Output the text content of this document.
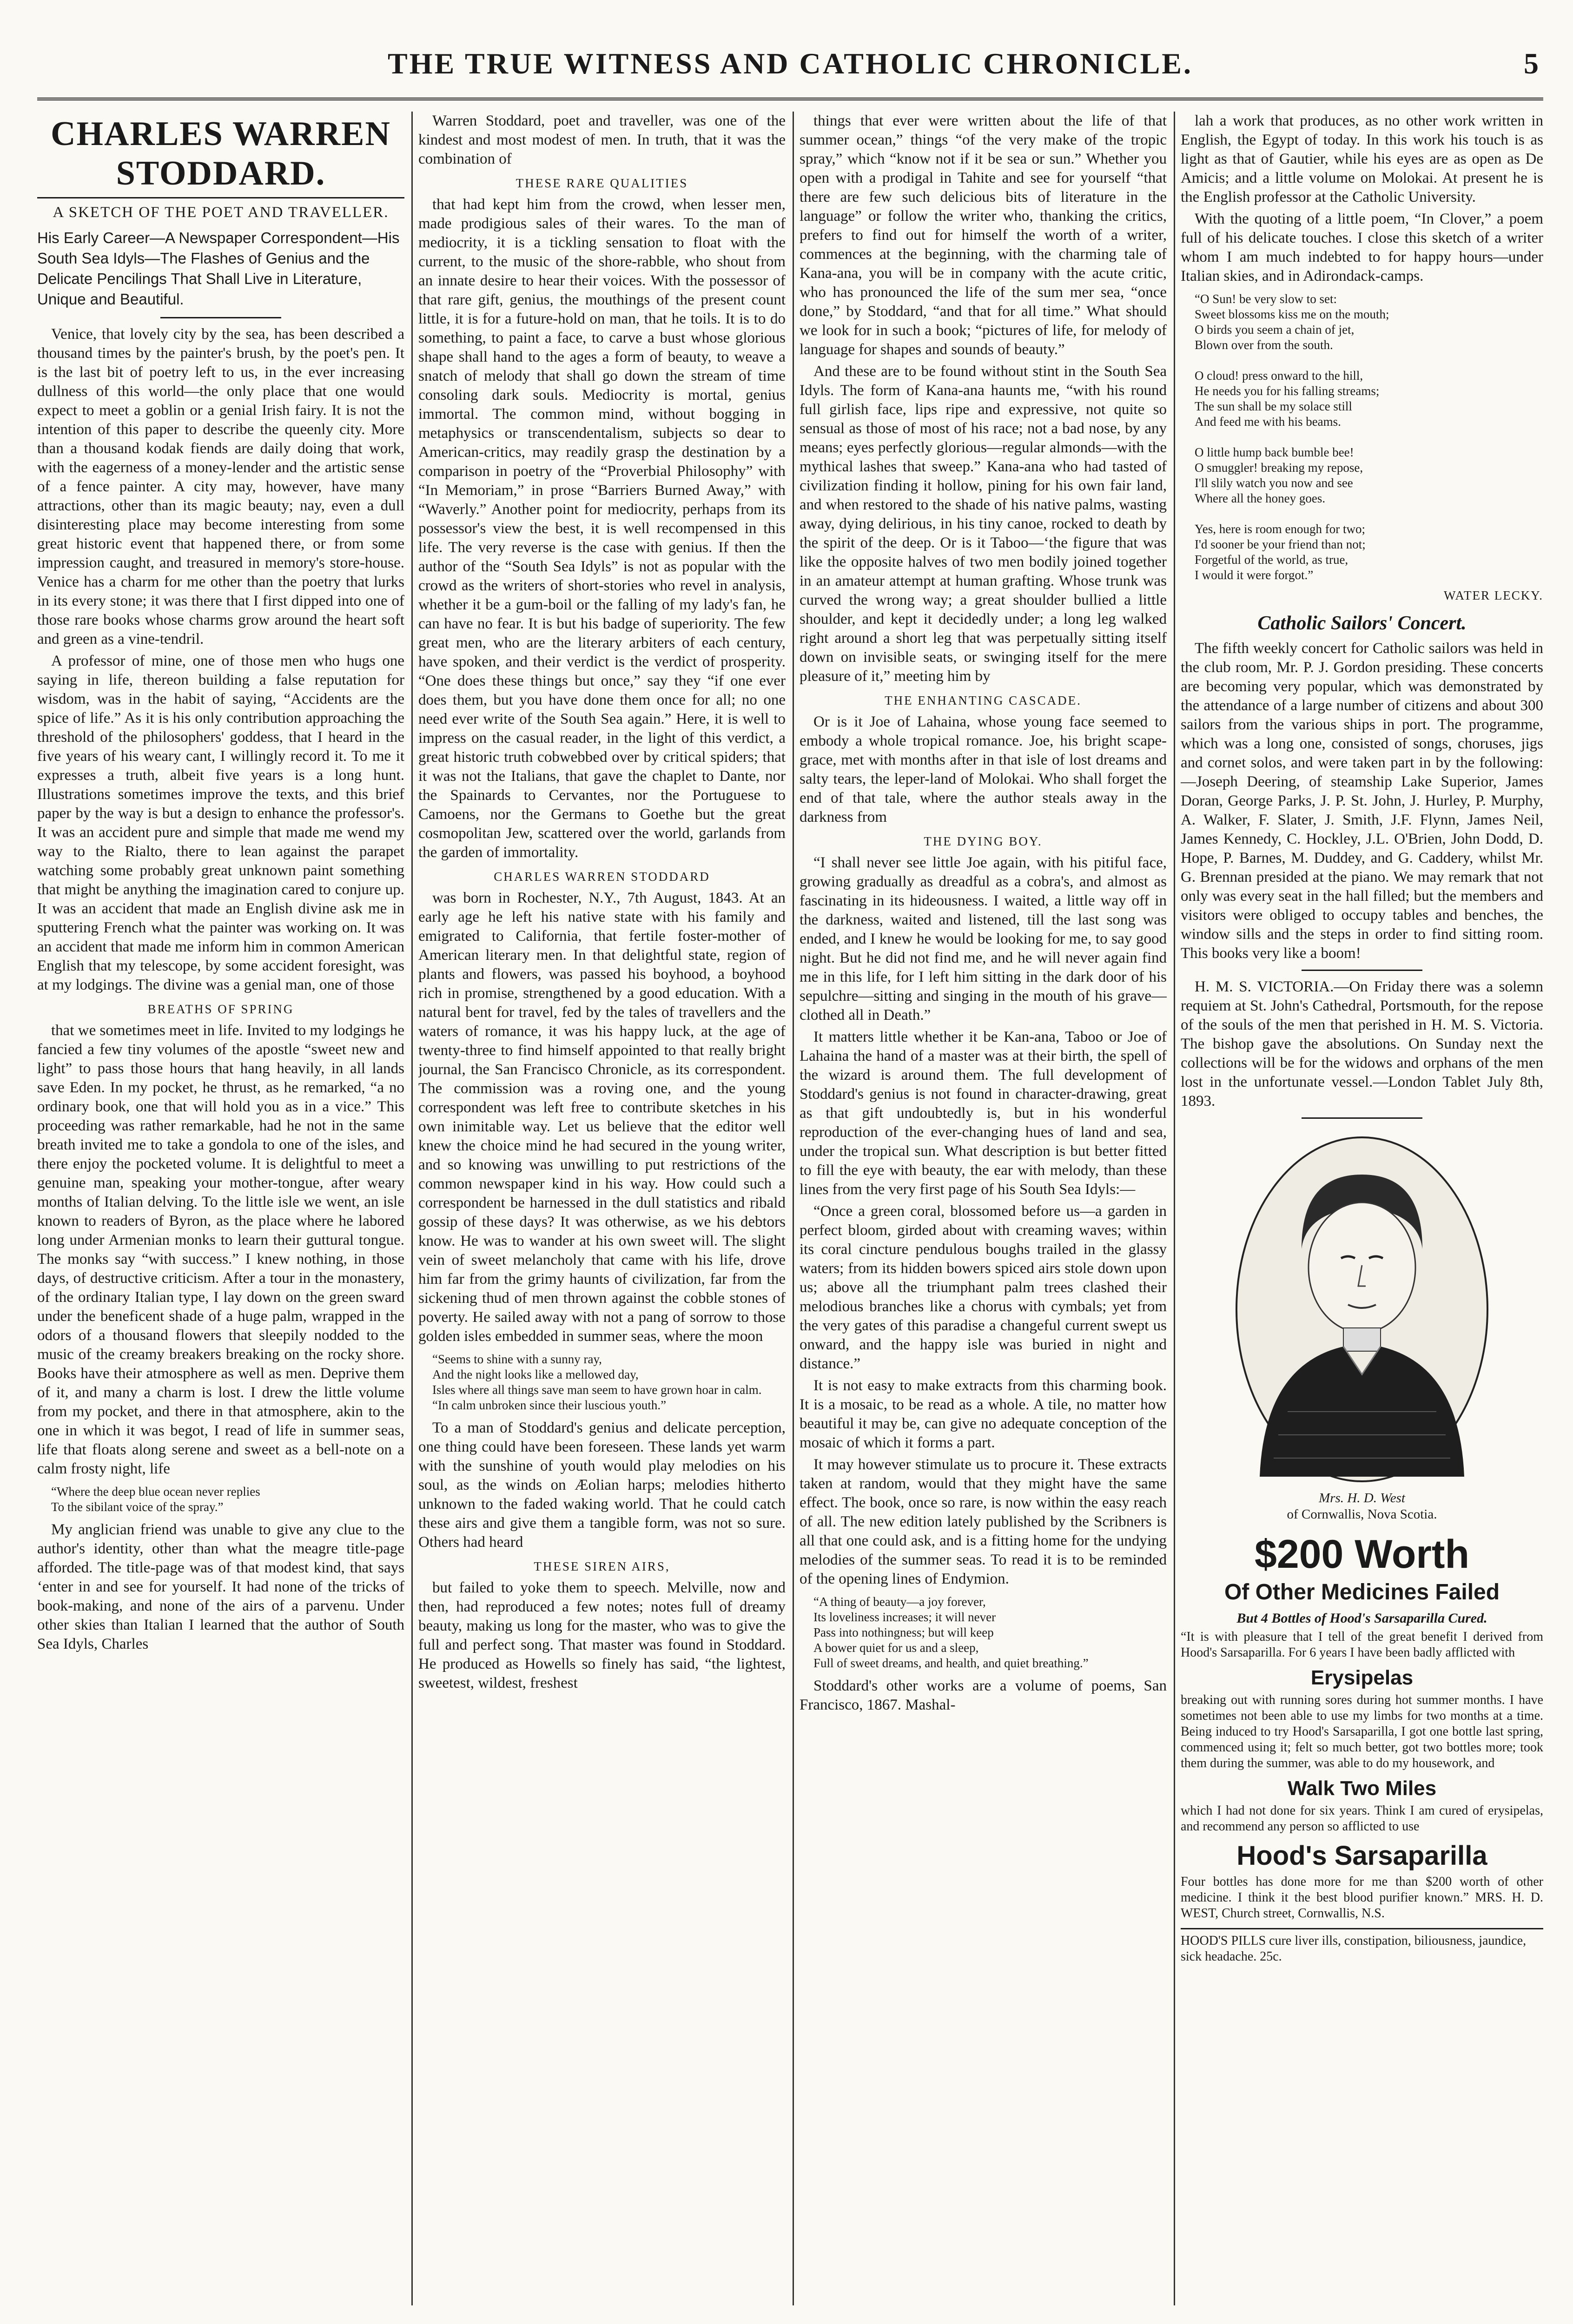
THE TRUE WITNESS AND CATHOLIC CHRONICLE.	5
CHARLES WARREN STODDARD.
A SKETCH OF THE POET AND TRAVELLER.
His Early Career—A Newspaper Correspondent—His South Sea Idyls—The Flashes of Genius and the Delicate Pencilings That Shall Live in Literature, Unique and Beautiful.

Venice, that lovely city by the sea, has been described a thousand times by the painter's brush, by the poet's pen. It is the last bit of poetry left to us, in the ever increasing dullness of this world—the only place that one would expect to meet a goblin or a genial Irish fairy. It is not the intention of this paper to describe the queenly city. More than a thousand kodak fiends are daily doing that work, with the eagerness of a money-lender and the artistic sense of a fence painter. A city may, however, have many attractions, other than its magic beauty; nay, even a dull disinteresting place may become interesting from some great historic event that happened there, or from some impression caught, and treasured in memory's store-house. Venice has a charm for me other than the poetry that lurks in its every stone; it was there that I first dipped into one of those rare books whose charms grow around the heart soft and green as a vine-tendril.

A professor of mine, one of those men who hugs one saying in life, thereon building a false reputation for wisdom, was in the habit of saying, “Accidents are the spice of life.” As it is his only contribution approaching the threshold of the philosophers' goddess, that I heard in the five years of his weary cant, I willingly record it. To me it expresses a truth, albeit five years is a long hunt. Illustrations sometimes improve the texts, and this brief paper by the way is but a design to enhance the professor's. It was an accident pure and simple that made me wend my way to the Rialto, there to lean against the parapet watching some probably great unknown paint something that might be anything the imagination cared to conjure up. It was an accident that made an English divine ask me in sputtering French what the painter was working on. It was an accident that made me inform him in common American English that my telescope, by some accident foresight, was at my lodgings. The divine was a genial man, one of those

BREATHS OF SPRING

that we sometimes meet in life. Invited to my lodgings he fancied a few tiny volumes of the apostle “sweet new and light” to pass those hours that hang heavily, in all lands save Eden. In my pocket, he thrust, as he remarked, “a no ordinary book, one that will hold you as in a vice.” This proceeding was rather remarkable, had he not in the same breath invited me to take a gondola to one of the isles, and there enjoy the pocketed volume. It is delightful to meet a genuine man, speaking your mother-tongue, after weary months of Italian delving. To the little isle we went, an isle known to readers of Byron, as the place where he labored long under Armenian monks to learn their guttural tongue. The monks say “with success.” I knew nothing, in those days, of destructive criticism. After a tour in the monastery, of the ordinary Italian type, I lay down on the green sward under the beneficent shade of a huge palm, wrapped in the odors of a thousand flowers that sleepily nodded to the music of the creamy breakers breaking on the rocky shore. Books have their atmosphere as well as men. Deprive them of it, and many a charm is lost. I drew the little volume from my pocket, and there in that atmosphere, akin to the one in which it was begot, I read of life in summer seas, life that floats along serene and sweet as a bell-note on a calm frosty night, life

“Where the deep blue ocean never replies
To the sibilant voice of the spray.”

My anglician friend was unable to give any clue to the author's identity, other than what the meagre title-page afforded. The title-page was of that modest kind, that says ‘enter in and see for yourself. It had none of the tricks of book-making, and none of the airs of a parvenu. Under other skies than Italian I learned that the author of South Sea Idyls, Charles

Warren Stoddard, poet and traveller, was one of the kindest and most modest of men. In truth, that it was the combination of

THESE RARE QUALITIES

that had kept him from the crowd, when lesser men, made prodigious sales of their wares. To the man of mediocrity, it is a tickling sensation to float with the current, to the music of the shore-rabble, who shout from an innate desire to hear their voices. With the possessor of that rare gift, genius, the mouthings of the present count little, it is for a future-hold on man, that he toils. It is to do something, to paint a face, to carve a bust whose glorious shape shall hand to the ages a form of beauty, to weave a snatch of melody that shall go down the stream of time consoling dark souls. Mediocrity is mortal, genius immortal. The common mind, without bogging in metaphysics or transcendentalism, subjects so dear to American-critics, may readily grasp the destination by a comparison in poetry of the “Proverbial Philosophy” with “In Memoriam,” in prose “Barriers Burned Away,” with “Waverly.” Another point for mediocrity, perhaps from its possessor's view the best, it is well recompensed in this life. The very reverse is the case with genius. If then the author of the “South Sea Idyls” is not as popular with the crowd as the writers of short-stories who revel in analysis, whether it be a gum-boil or the falling of my lady's fan, he can have no fear. It is but his badge of superiority. The few great men, who are the literary arbiters of each century, have spoken, and their verdict is the verdict of prosperity. “One does these things but once,” say they “if one ever does them, but you have done them once for all; no one need ever write of the South Sea again.” Here, it is well to impress on the casual reader, in the light of this verdict, a great historic truth cobwebbed over by critical spiders; that it was not the Italians, that gave the chaplet to Dante, nor the Spainards to Cervantes, nor the Portuguese to Camoens, nor the Germans to Goethe but the great cosmopolitan Jew, scattered over the world, garlands from the garden of immortality.

CHARLES WARREN STODDARD

was born in Rochester, N.Y., 7th August, 1843. At an early age he left his native state with his family and emigrated to California, that fertile foster-mother of American literary men. In that delightful state, region of plants and flowers, was passed his boyhood, a boyhood rich in promise, strengthened by a good education. With a natural bent for travel, fed by the tales of travellers and the waters of romance, it was his happy luck, at the age of twenty-three to find himself appointed to that really bright journal, the San Francisco Chronicle, as its correspondent. The commission was a roving one, and the young correspondent was left free to contribute sketches in his own inimitable way. Let us believe that the editor well knew the choice mind he had secured in the young writer, and so knowing was unwilling to put restrictions of the common newspaper kind in his way. How could such a correspondent be harnessed in the dull statistics and ribald gossip of these days? It was otherwise, as we his debtors know. He was to wander at his own sweet will. The slight vein of sweet melancholy that came with his life, drove him far from the grimy haunts of civilization, far from the sickening thud of men thrown against the cobble stones of poverty. He sailed away with not a pang of sorrow to those golden isles embedded in summer seas, where the moon

“Seems to shine with a sunny ray,
And the night looks like a mellowed day,
Isles where all things save man seem to have grown hoar in calm.
“In calm unbroken since their luscious youth.”

To a man of Stoddard's genius and delicate perception, one thing could have been foreseen. These lands yet warm with the sunshine of youth would play melodies on his soul, as the winds on Æolian harps; melodies hitherto unknown to the faded waking world. That he could catch these airs and give them a tangible form, was not so sure. Others had heard

THESE SIREN AIRS,

but failed to yoke them to speech. Melville, now and then, had reproduced a few notes; notes full of dreamy beauty, making us long for the master, who was to give the full and perfect song. That master was found in Stoddard. He produced as Howells so finely has said, “the lightest, sweetest, wildest, freshest

things that ever were written about the life of that summer ocean,” things “of the very make of the tropic spray,” which “know not if it be sea or sun.” Whether you open with a prodigal in Tahite and see for yourself “that there are few such delicious bits of literature in the language” or follow the writer who, thanking the critics, prefers to find out for himself the worth of a writer, commences at the beginning, with the charming tale of Kana-ana, you will be in company with the acute critic, who has pronounced the life of the sum mer sea, “once done,” by Stoddard, “and that for all time.” What should we look for in such a book; “pictures of life, for melody of language for shapes and sounds of beauty.”

And these are to be found without stint in the South Sea Idyls. The form of Kana-ana haunts me, “with his round full girlish face, lips ripe and expressive, not quite so sensual as those of most of his race; not a bad nose, by any means; eyes perfectly glorious—regular almonds—with the mythical lashes that sweep.” Kana-ana who had tasted of civilization finding it hollow, pining for his own fair land, and when restored to the shade of his native palms, wasting away, dying delirious, in his tiny canoe, rocked to death by the spirit of the deep. Or is it Taboo—‘the figure that was like the opposite halves of two men bodily joined together in an amateur attempt at human grafting. Whose trunk was curved the wrong way; a great shoulder bullied a little shoulder, and kept it decidedly under; a long leg walked right around a short leg that was perpetually sitting itself down on invisible seats, or swinging itself for the mere pleasure of it,” meeting him by

THE ENHANTING CASCADE.

Or is it Joe of Lahaina, whose young face seemed to embody a whole tropical romance. Joe, his bright scape-grace, met with months after in that isle of lost dreams and salty tears, the leper-land of Molokai. Who shall forget the end of that tale, where the author steals away in the darkness from

THE DYING BOY.

“I shall never see little Joe again, with his pitiful face, growing gradually as dreadful as a cobra's, and almost as fascinating in its hideousness. I waited, a little way off in the darkness, waited and listened, till the last song was ended, and I knew he would be looking for me, to say good night. But he did not find me, and he will never again find me in this life, for I left him sitting in the dark door of his sepulchre—sitting and singing in the mouth of his grave—clothed all in Death.”

It matters little whether it be Kan-ana, Taboo or Joe of Lahaina the hand of a master was at their birth, the spell of the wizard is around them. The full development of Stoddard's genius is not found in character-drawing, great as that gift undoubtedly is, but in his wonderful reproduction of the ever-changing hues of land and sea, under the tropical sun. What description is but better fitted to fill the eye with beauty, the ear with melody, than these lines from the very first page of his South Sea Idyls:—

“Once a green coral, blossomed before us—a garden in perfect bloom, girded about with creaming waves; within its coral cincture pendulous boughs trailed in the glassy waters; from its hidden bowers spiced airs stole down upon us; above all the triumphant palm trees clashed their melodious branches like a chorus with cymbals; yet from the very gates of this paradise a changeful current swept us onward, and the happy isle was buried in night and distance.”

It is not easy to make extracts from this charming book. It is a mosaic, to be read as a whole. A tile, no matter how beautiful it may be, can give no adequate conception of the mosaic of which it forms a part.

It may however stimulate us to procure it. These extracts taken at random, would that they might have the same effect. The book, once so rare, is now within the easy reach of all. The new edition lately published by the Scribners is all that one could ask, and is a fitting home for the undying melodies of the summer seas. To read it is to be reminded of the opening lines of Endymion.

“A thing of beauty—a joy forever,
Its loveliness increases; it will never
Pass into nothingness; but will keep
A bower quiet for us and a sleep,
Full of sweet dreams, and health, and quiet breathing.”

Stoddard's other works are a volume of poems, San Francisco, 1867. Mashal-

lah a work that produces, as no other work written in English, the Egypt of today. In this work his touch is as light as that of Gautier, while his eyes are as open as De Amicis; and a little volume on Molokai. At present he is the English professor at the Catholic University.

With the quoting of a little poem, “In Clover,” a poem full of his delicate touches. I close this sketch of a writer whom I am much indebted to for happy hours—under Italian skies, and in Adirondack-camps.

“O Sun! be very slow to set:
Sweet blossoms kiss me on the mouth;
O birds you seem a chain of jet,
Blown over from the south.

O cloud! press onward to the hill,
He needs you for his falling streams;
The sun shall be my solace still
And feed me with his beams.

O little hump back bumble bee!
O smuggler! breaking my repose,
I'll slily watch you now and see
Where all the honey goes.

Yes, here is room enough for two;
I'd sooner be your friend than not;
Forgetful of the world, as true,
I would it were forgot.”
WATER LECKY.
Catholic Sailors' Concert.

The fifth weekly concert for Catholic sailors was held in the club room, Mr. P. J. Gordon presiding. These concerts are becoming very popular, which was demonstrated by the attendance of a large number of citizens and about 300 sailors from the various ships in port. The programme, which was a long one, consisted of songs, choruses, jigs and cornet solos, and were taken part in by the following:—Joseph Deering, of steamship Lake Superior, James Doran, George Parks, J. P. St. John, J. Hurley, P. Murphy, A. Walker, F. Slater, J. Smith, J.F. Flynn, James Neil, James Kennedy, C. Hockley, J.L. O'Brien, John Dodd, D. Hope, P. Barnes, M. Duddey, and G. Caddery, whilst Mr. G. Brennan presided at the piano. We may remark that not only was every seat in the hall filled; but the members and visitors were obliged to occupy tables and benches, the window sills and the steps in order to find sitting room. This books very like a boom!

H. M. S. VICTORIA.—On Friday there was a solemn requiem at St. John's Cathedral, Portsmouth, for the repose of the souls of the men that perished in H. M. S. Victoria. The bishop gave the absolutions. On Sunday next the collections will be for the widows and orphans of the men lost in the unfortunate vessel.—London Tablet July 8th, 1893.

Mrs. H. D. West
of Cornwallis, Nova Scotia.
$200 Worth
Of Other Medicines Failed
But 4 Bottles of Hood's Sarsaparilla Cured.
“It is with pleasure that I tell of the great benefit I derived from Hood's Sarsaparilla. For 6 years I have been badly afflicted with
Erysipelas
breaking out with running sores during hot summer months. I have sometimes not been able to use my limbs for two months at a time. Being induced to try Hood's Sarsaparilla, I got one bottle last spring, commenced using it; felt so much better, got two bottles more; took them during the summer, was able to do my housework, and
Walk Two Miles
which I had not done for six years. Think I am cured of erysipelas, and recommend any person so afflicted to use
Hood's Sarsaparilla
Four bottles has done more for me than $200 worth of other medicine. I think it the best blood purifier known.” MRS. H. D. WEST, Church street, Cornwallis, N.S.
HOOD'S PILLS cure liver ills, constipation, biliousness, jaundice, sick headache. 25c.
